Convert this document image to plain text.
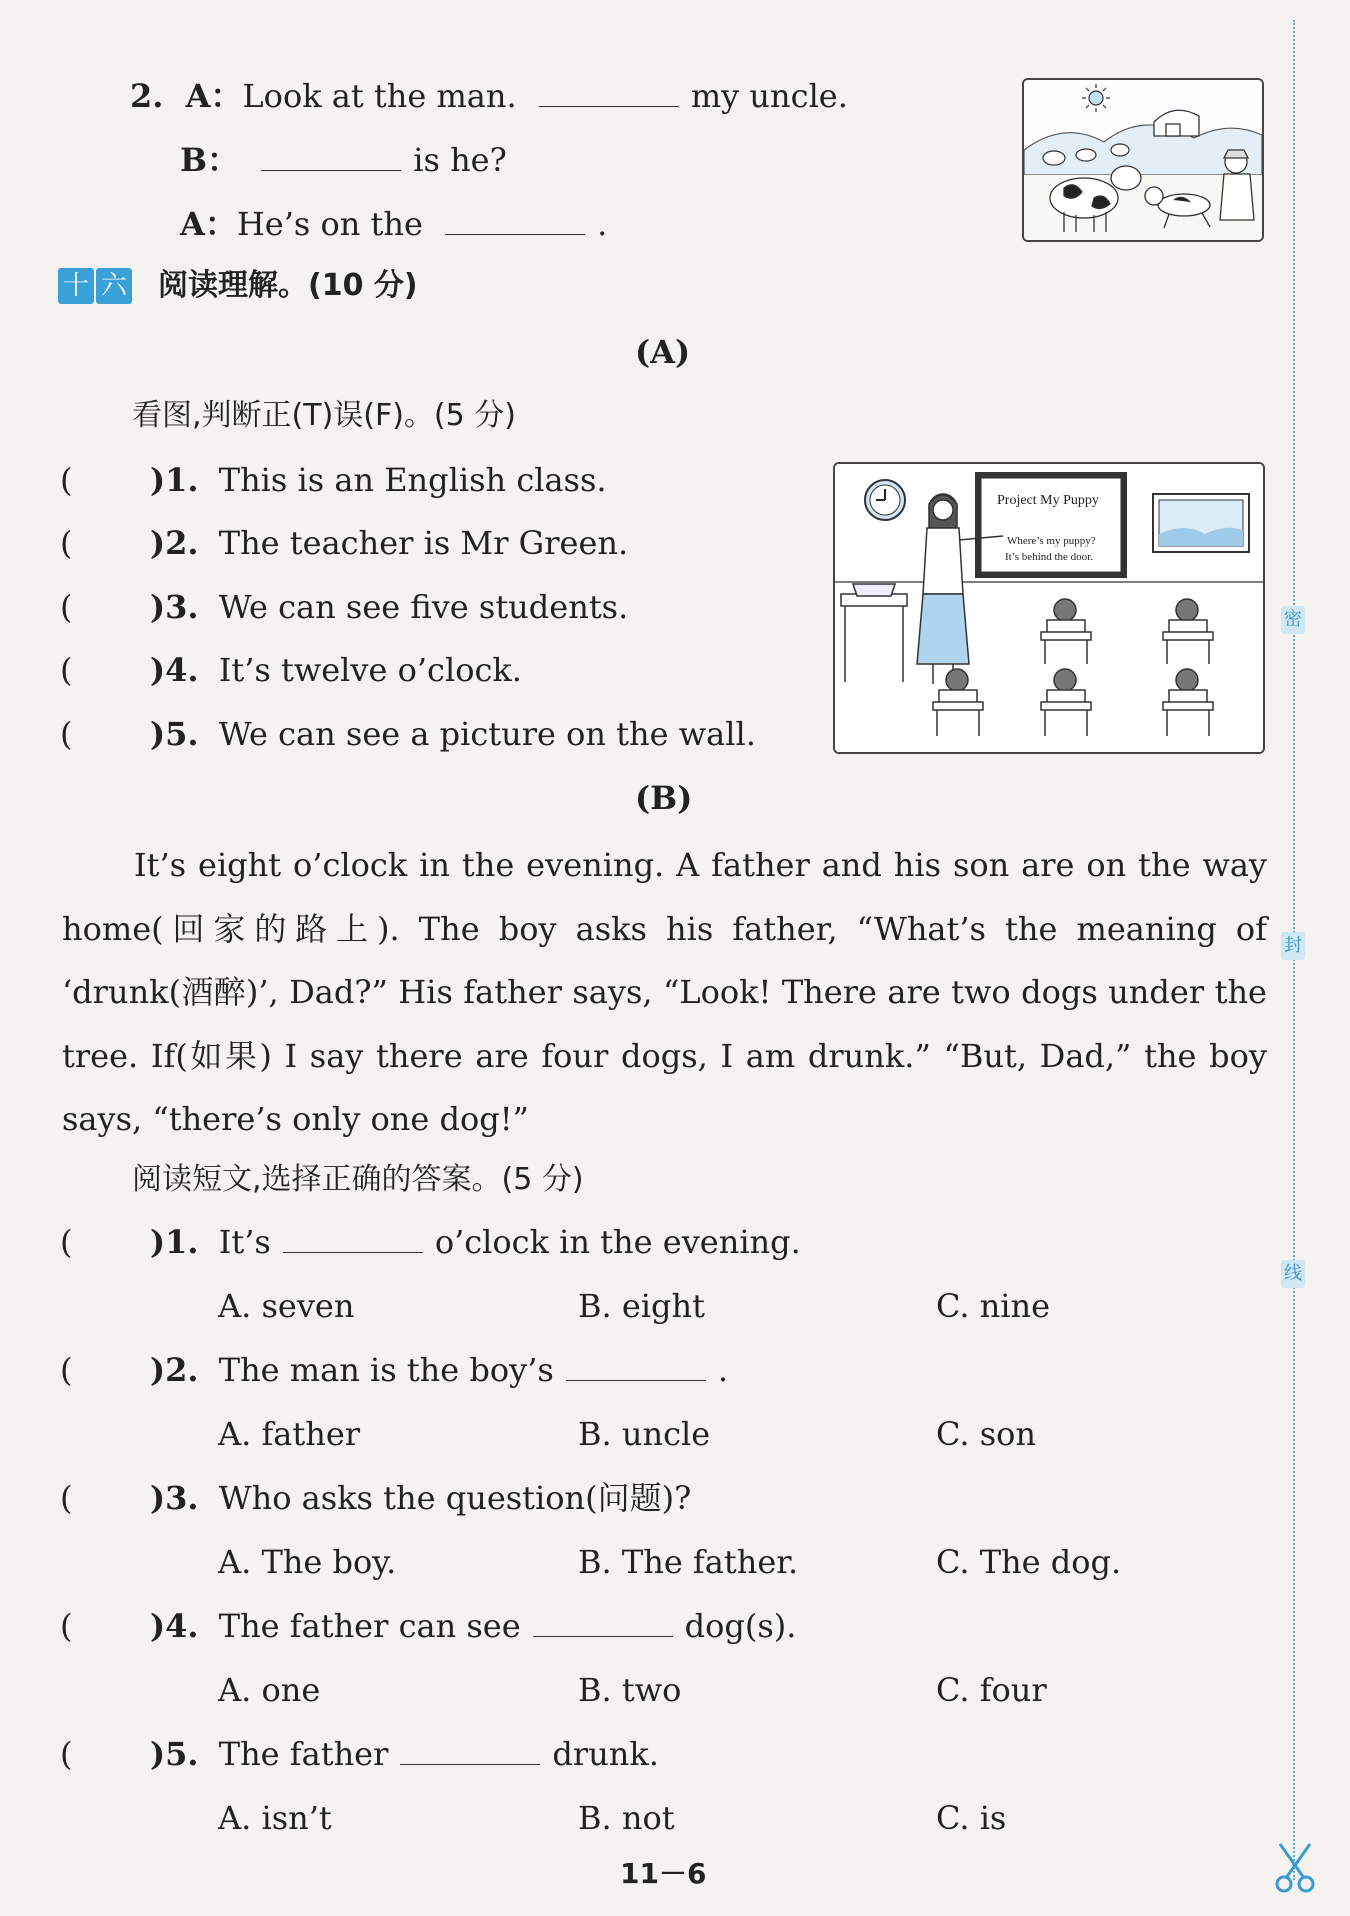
2. A：Look at the man.	my uncle.
B：	is he?
A：He’s on the	.
十 六 阅读理解。(10 分)
(A)
看图,判断正(T)误(F)。(5 分)
( )1. This is an English class.
( )2. The teacher is Mr Green.
( )3. We can see five students.
( )4. It’s twelve o’clock.
( )5. We can see a picture on the wall.
Project My Puppy
Where’s my puppy?
It’s behind the door.
(B)

It’s eight o’clock in the evening. A father and his son are on the way home(回家的路上). The boy asks his father, “What’s the meaning of ‘drunk(酒醉)’, Dad?” His father says, “Look! There are two dogs under the tree. If(如果) I say there are four dogs, I am drunk.” “But, Dad,” the boy says, “there’s only one dog!”

阅读短文,选择正确的答案。(5 分)
( )1. It’s	o’clock in the evening.
A. seven	B. eight	C. nine
( )2. The man is the boy’s	.
A. father	B. uncle	C. son
( )3. Who asks the question(问题)?
A. The boy.	B. The father.	C. The dog.
( )4. The father can see	dog(s).
A. one	B. two	C. four
( )5. The father	drunk.
A. isn’t	B. not	C. is
11－6
密
封
线
